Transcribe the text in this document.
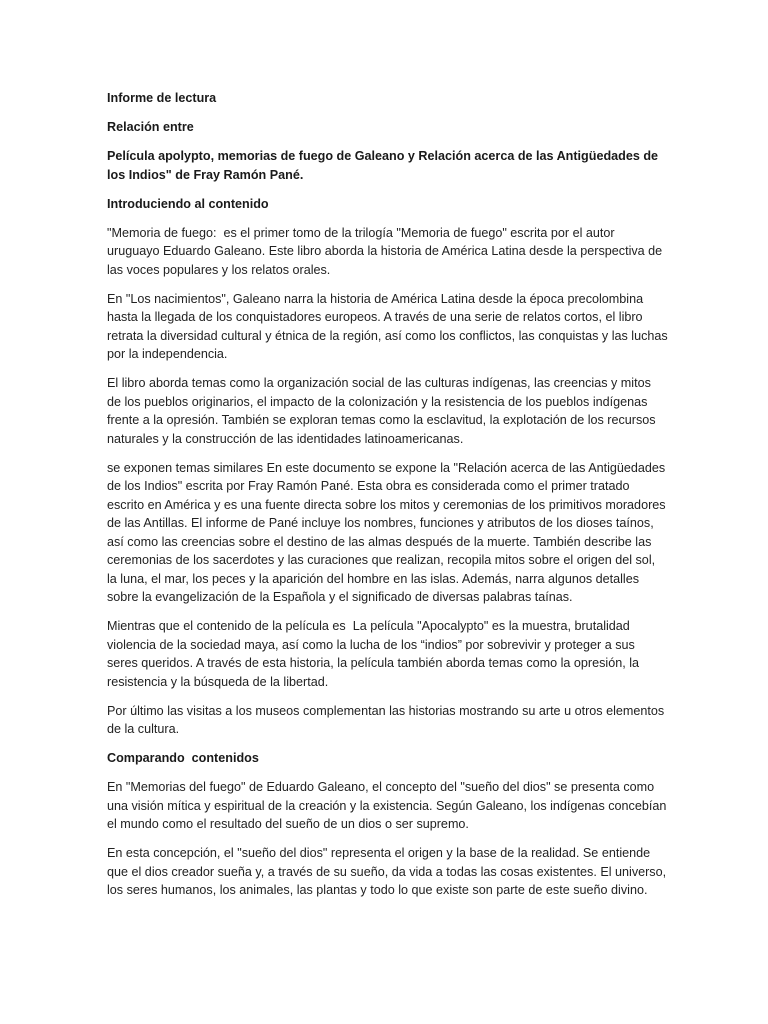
Informe de lectura

Relación entre

Película apolypto, memorias de fuego de Galeano y Relación acerca de las Antigüedades de los Indios" de Fray Ramón Pané.

Introduciendo al contenido

"Memoria de fuego:  es el primer tomo de la trilogía "Memoria de fuego" escrita por el autor uruguayo Eduardo Galeano. Este libro aborda la historia de América Latina desde la perspectiva de las voces populares y los relatos orales.

En "Los nacimientos", Galeano narra la historia de América Latina desde la época precolombina hasta la llegada de los conquistadores europeos. A través de una serie de relatos cortos, el libro retrata la diversidad cultural y étnica de la región, así como los conflictos, las conquistas y las luchas por la independencia.

El libro aborda temas como la organización social de las culturas indígenas, las creencias y mitos de los pueblos originarios, el impacto de la colonización y la resistencia de los pueblos indígenas frente a la opresión. También se exploran temas como la esclavitud, la explotación de los recursos naturales y la construcción de las identidades latinoamericanas.

se exponen temas similares En este documento se expone la "Relación acerca de las Antigüedades de los Indios" escrita por Fray Ramón Pané. Esta obra es considerada como el primer tratado escrito en América y es una fuente directa sobre los mitos y ceremonias de los primitivos moradores de las Antillas. El informe de Pané incluye los nombres, funciones y atributos de los dioses taínos, así como las creencias sobre el destino de las almas después de la muerte. También describe las ceremonias de los sacerdotes y las curaciones que realizan, recopila mitos sobre el origen del sol, la luna, el mar, los peces y la aparición del hombre en las islas. Además, narra algunos detalles sobre la evangelización de la Española y el significado de diversas palabras taínas.

Mientras que el contenido de la película es  La película "Apocalypto" es la muestra, brutalidad violencia de la sociedad maya, así como la lucha de los “indios” por sobrevivir y proteger a sus seres queridos. A través de esta historia, la película también aborda temas como la opresión, la resistencia y la búsqueda de la libertad.

Por último las visitas a los museos complementan las historias mostrando su arte u otros elementos de la cultura.

Comparando  contenidos

En "Memorias del fuego" de Eduardo Galeano, el concepto del "sueño del dios" se presenta como una visión mítica y espiritual de la creación y la existencia. Según Galeano, los indígenas concebían el mundo como el resultado del sueño de un dios o ser supremo.

En esta concepción, el "sueño del dios" representa el origen y la base de la realidad. Se entiende que el dios creador sueña y, a través de su sueño, da vida a todas las cosas existentes. El universo, los seres humanos, los animales, las plantas y todo lo que existe son parte de este sueño divino.
